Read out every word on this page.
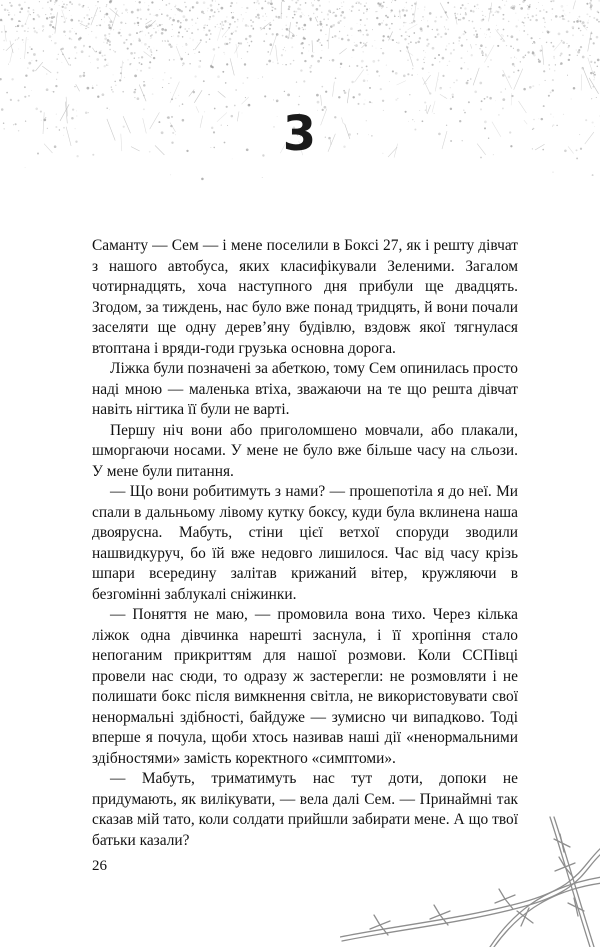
3

Саманту — Сем — і мене поселили в Боксі 27, як і решту дівчат з нашого автобуса, яких класифікували Зеленими. Загалом чотирнадцять, хоча наступного дня прибули ще двадцять. Згодом, за тиждень, нас було вже понад тридцять, й вони почали заселяти ще одну дерев’яну будівлю, вздовж якої тягнулася втоптана і вряди-годи грузька основна дорога.

Ліжка були позначені за абеткою, тому Сем опинилась просто наді мною — маленька втіха, зважаючи на те що решта дівчат навіть нігтика її були не варті.

Першу ніч вони або приголомшено мовчали, або плакали, шморгаючи носами. У мене не було вже більше часу на сльози. У мене були питання.

— Що вони робитимуть з нами? — прошепотіла я до неї. Ми спали в дальньому лівому кутку боксу, куди була вклинена наша двоярусна. Мабуть, стіни цієї ветхої споруди зводили нашвидкуруч, бо їй вже недовго лишилося. Час від часу крізь шпари всередину залітав крижаний вітер, кружляючи в безгомінні заблукалі сніжинки.

— Поняття не маю, — промовила вона тихо. Через кілька ліжок одна дівчинка нарешті заснула, і її хропіння стало непоганим прикриттям для нашої розмови. Коли ССПівці провели нас сюди, то одразу ж застерегли: не розмовляти і не полишати бокс після вимкнення світла, не використовувати свої ненормальні здібності, байдуже — зумисно чи випадково. Тоді вперше я почула, щоби хтось називав наші дії «ненормальними здібностями» замість коректного «симптоми».

— Мабуть, триматимуть нас тут доти, допоки не придумають, як вилікувати, — вела далі Сем. — Принаймні так сказав мій тато, коли солдати прийшли забирати мене. А що твої батьки казали?

26
